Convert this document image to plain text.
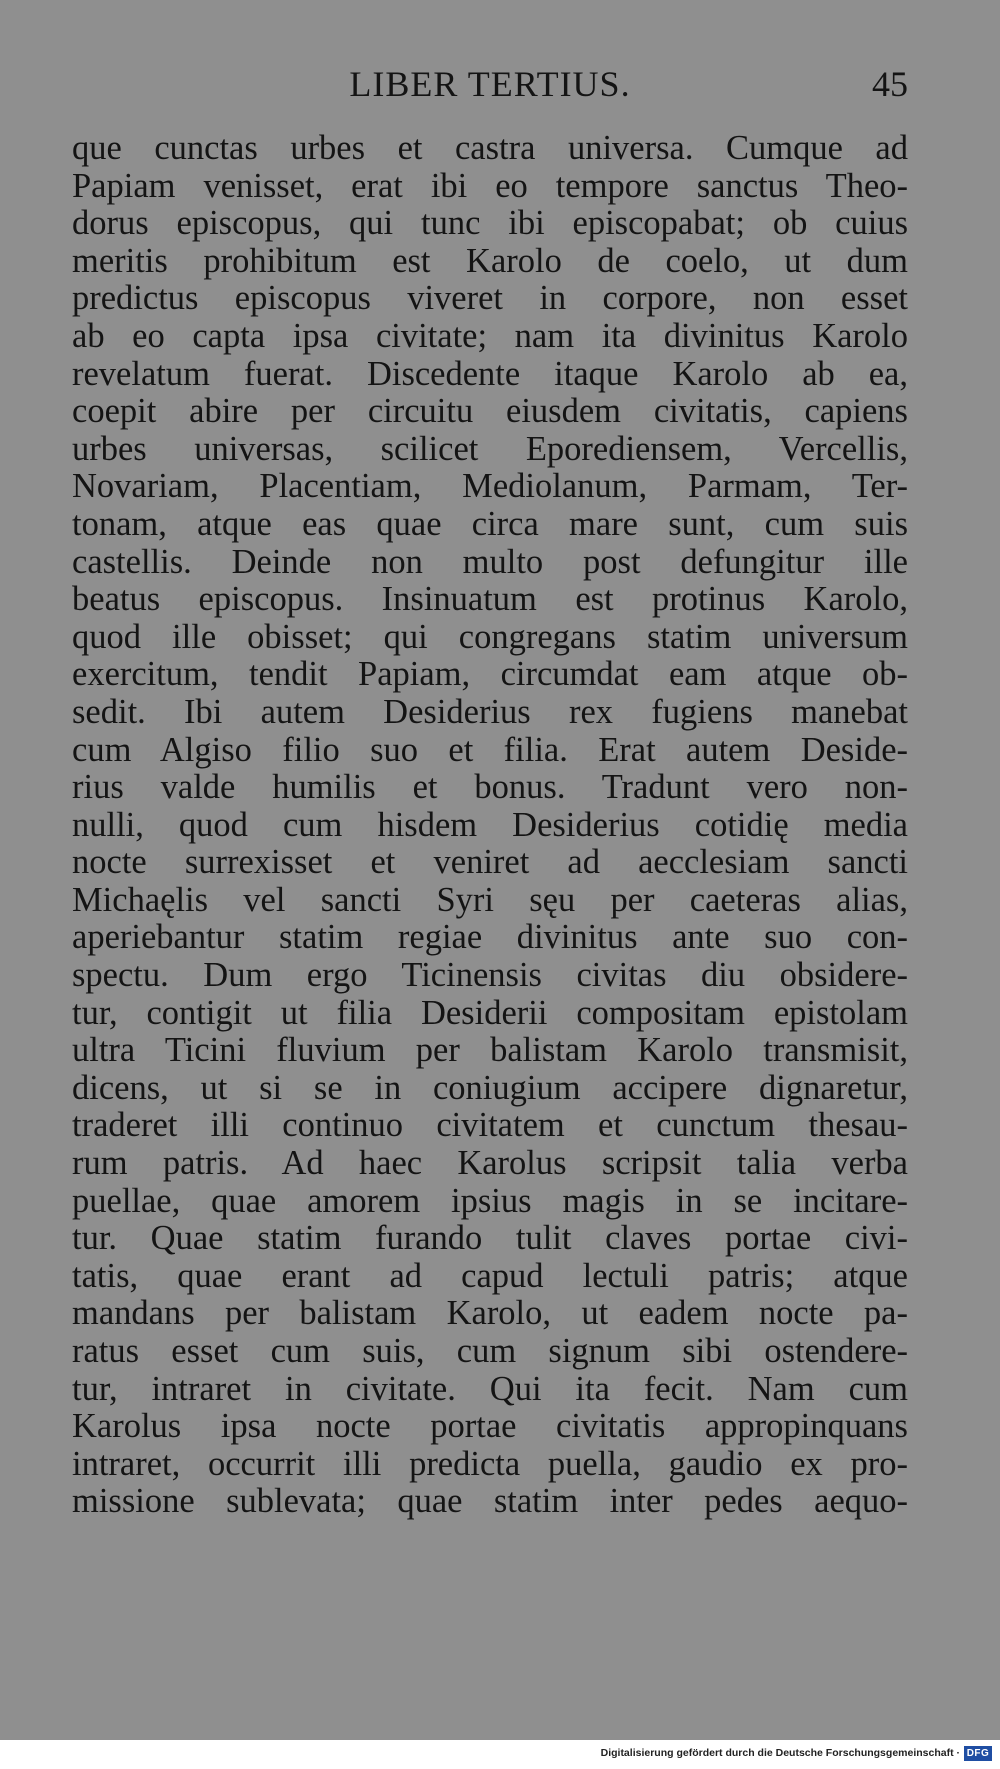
LIBER TERTIUS.	45
que cunctas urbes et castra universa. Cumque ad
Papiam venisset, erat ibi eo tempore sanctus Theo-
dorus episcopus, qui tunc ibi episcopabat; ob cuius
meritis prohibitum est Karolo de coelo, ut dum
predictus episcopus viveret in corpore, non esset
ab eo capta ipsa civitate; nam ita divinitus Karolo
revelatum fuerat. Discedente itaque Karolo ab ea,
coepit abire per circuitu eiusdem civitatis, capiens
urbes universas, scilicet Eporediensem, Vercellis,
Novariam, Placentiam, Mediolanum, Parmam, Ter-
tonam, atque eas quae circa mare sunt, cum suis
castellis. Deinde non multo post defungitur ille
beatus episcopus. Insinuatum est protinus Karolo,
quod ille obisset; qui congregans statim universum
exercitum, tendit Papiam, circumdat eam atque ob-
sedit. Ibi autem Desiderius rex fugiens manebat
cum Algiso filio suo et filia. Erat autem Deside-
rius valde humilis et bonus. Tradunt vero non-
nulli, quod cum hisdem Desiderius cotidię media
nocte surrexisset et veniret ad aecclesiam sancti
Michaęlis vel sancti Syri sęu per caeteras alias,
aperiebantur statim regiae divinitus ante suo con-
spectu. Dum ergo Ticinensis civitas diu obsidere-
tur, contigit ut filia Desiderii compositam epistolam
ultra Ticini fluvium per balistam Karolo transmisit,
dicens, ut si se in coniugium accipere dignaretur,
traderet illi continuo civitatem et cunctum thesau-
rum patris. Ad haec Karolus scripsit talia verba
puellae, quae amorem ipsius magis in se incitare-
tur. Quae statim furando tulit claves portae civi-
tatis, quae erant ad capud lectuli patris; atque
mandans per balistam Karolo, ut eadem nocte pa-
ratus esset cum suis, cum signum sibi ostendere-
tur, intraret in civitate. Qui ita fecit. Nam cum
Karolus ipsa nocte portae civitatis appropinquans
intraret, occurrit illi predicta puella, gaudio ex pro-
missione sublevata; quae statim inter pedes aequo-
Digitalisierung gefördert durch die Deutsche Forschungsgemeinschaft · DFG
